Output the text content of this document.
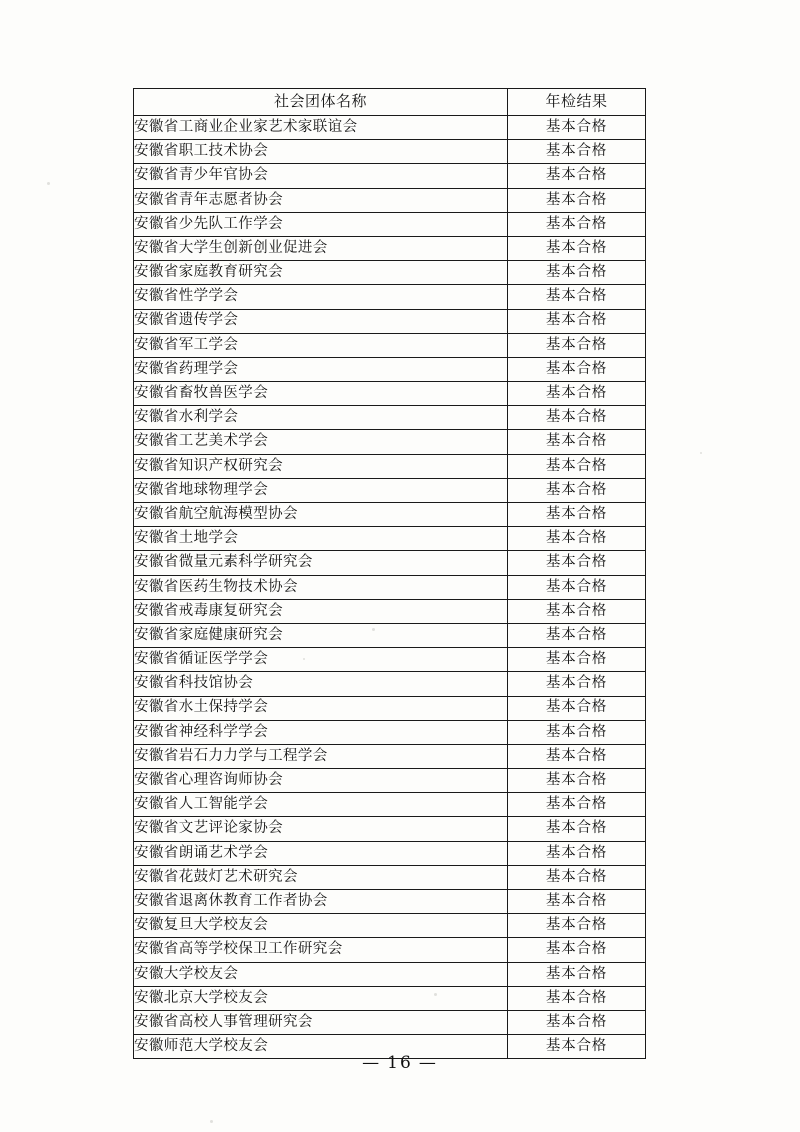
社会团体名称	年检结果
安徽省工商业企业家艺术家联谊会	基本合格
安徽省职工技术协会	基本合格
安徽省青少年官协会	基本合格
安徽省青年志愿者协会	基本合格
安徽省少先队工作学会	基本合格
安徽省大学生创新创业促进会	基本合格
安徽省家庭教育研究会	基本合格
安徽省性学学会	基本合格
安徽省遗传学会	基本合格
安徽省军工学会	基本合格
安徽省药理学会	基本合格
安徽省畜牧兽医学会	基本合格
安徽省水利学会	基本合格
安徽省工艺美术学会	基本合格
安徽省知识产权研究会	基本合格
安徽省地球物理学会	基本合格
安徽省航空航海模型协会	基本合格
安徽省土地学会	基本合格
安徽省微量元素科学研究会	基本合格
安徽省医药生物技术协会	基本合格
安徽省戒毒康复研究会	基本合格
安徽省家庭健康研究会	基本合格
安徽省循证医学学会	基本合格
安徽省科技馆协会	基本合格
安徽省水土保持学会	基本合格
安徽省神经科学学会	基本合格
安徽省岩石力力学与工程学会	基本合格
安徽省心理咨询师协会	基本合格
安徽省人工智能学会	基本合格
安徽省文艺评论家协会	基本合格
安徽省朗诵艺术学会	基本合格
安徽省花鼓灯艺术研究会	基本合格
安徽省退离休教育工作者协会	基本合格
安徽复旦大学校友会	基本合格
安徽省高等学校保卫工作研究会	基本合格
安徽大学校友会	基本合格
安徽北京大学校友会	基本合格
安徽省高校人事管理研究会	基本合格
安徽师范大学校友会	基本合格
— 16 —
